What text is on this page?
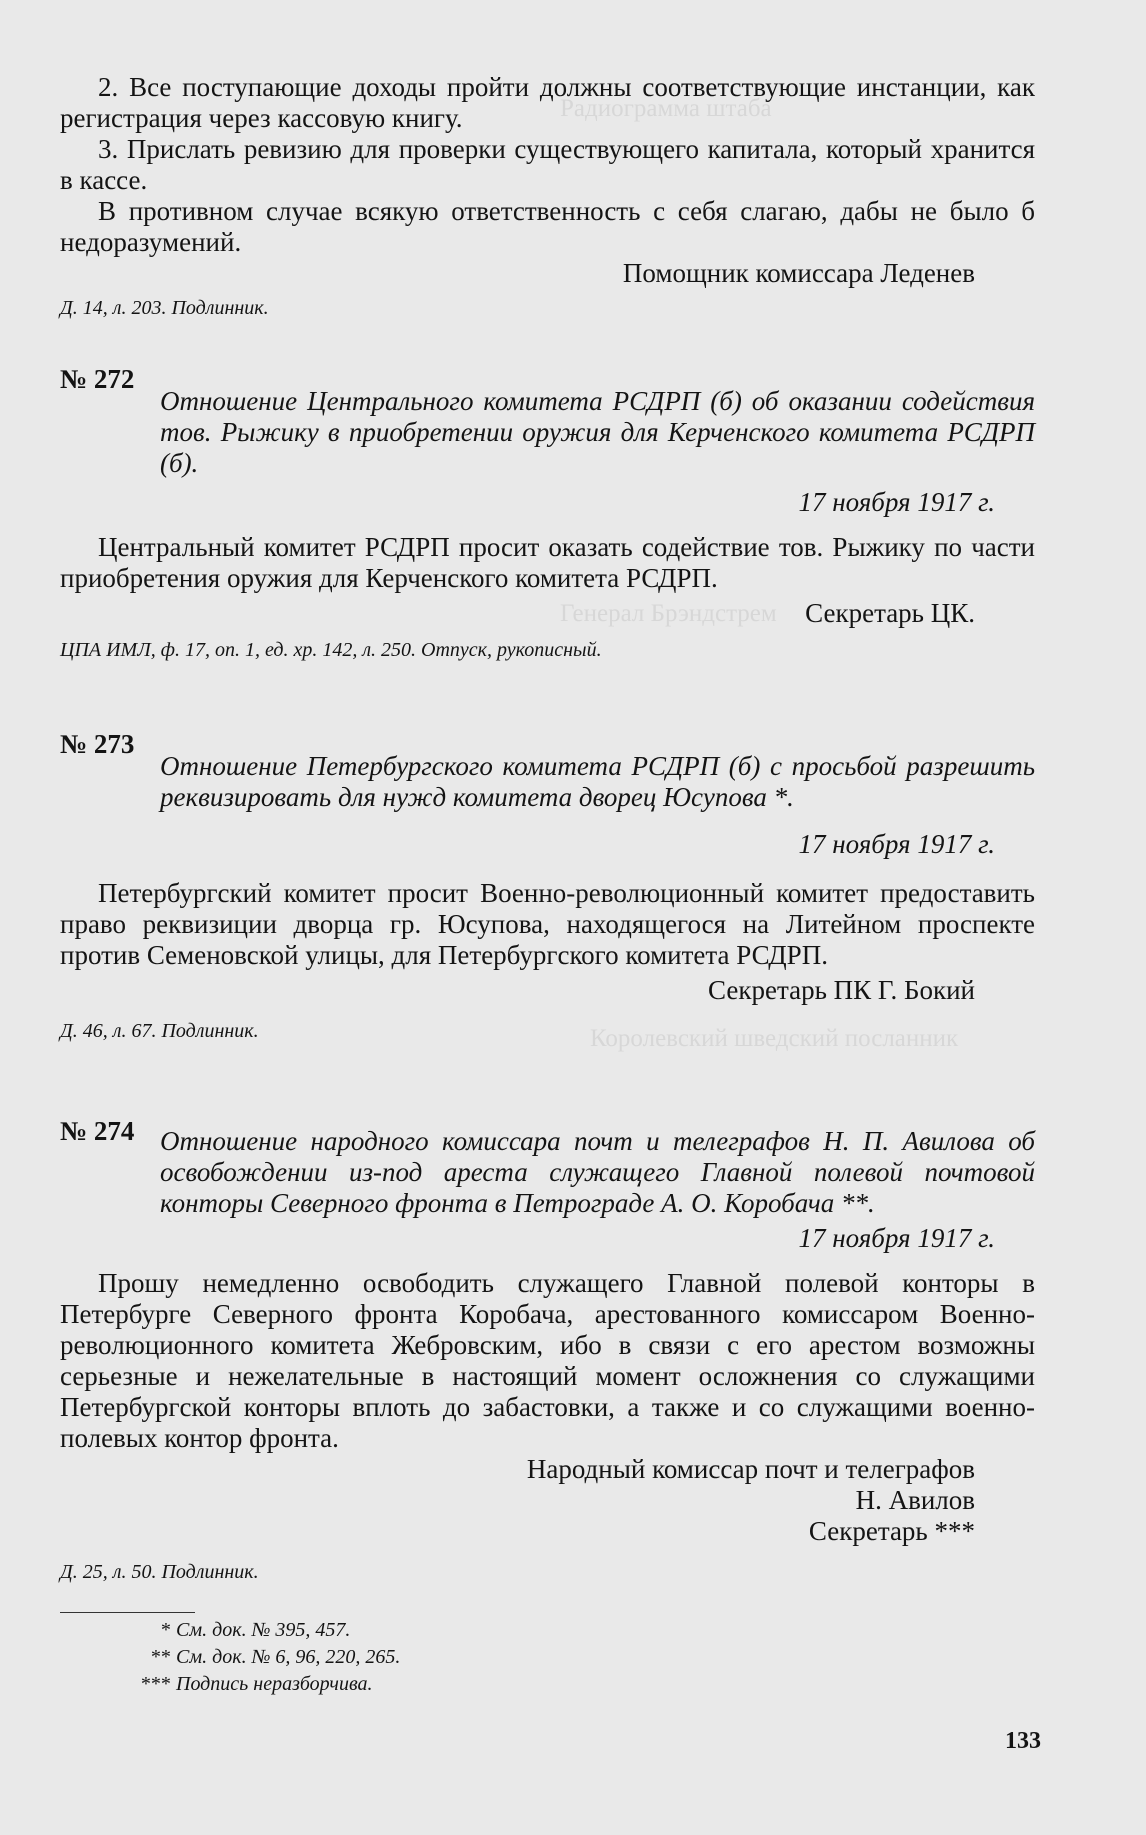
Радиограмма штаба
Генерал Брэндстрем
Королевский шведский посланник

2. Все поступающие доходы пройти должны соответствующие инстанции, как регистрация через кассовую книгу.

3. Прислать ревизию для проверки существующего капитала, который хранится в кассе.

В противном случае всякую ответственность с себя слагаю, дабы не было б недоразумений.

Помощник комиссара Леденев

Д. 14, л. 203. Подлинник.

№ 272

Отношение Центрального комитета РСДРП (б) об оказании содействия тов. Рыжику в приобретении оружия для Керченского комитета РСДРП (б).

17 ноября 1917 г.

Центральный комитет РСДРП просит оказать содействие тов. Рыжику по части приобретения оружия для Керченского комитета РСДРП.

Секретарь ЦК.

ЦПА ИМЛ, ф. 17, оп. 1, ед. хр. 142, л. 250. Отпуск, рукописный.

№ 273

Отношение Петербургского комитета РСДРП (б) с просьбой разрешить реквизировать для нужд комитета дворец Юсупова *.

17 ноября 1917 г.

Петербургский комитет просит Военно-революционный комитет предоставить право реквизиции дворца гр. Юсупова, находящегося на Литейном проспекте против Семеновской улицы, для Петербургского комитета РСДРП.

Секретарь ПК Г. Бокий

Д. 46, л. 67. Подлинник.

№ 274 Отношение народного комиссара почт и телеграфов Н. П. Авилова об освобождении из-под ареста служащего Главной полевой почтовой конторы Северного фронта в Петрограде А. О. Коробача **.

17 ноября 1917 г.

Прошу немедленно освободить служащего Главной полевой конторы в Петербурге Северного фронта Коробача, арестованного комиссаром Военно-революционного комитета Жебровским, ибо в связи с его арестом возможны серьезные и нежелательные в настоящий момент осложнения со служащими Петербургской конторы вплоть до забастовки, а также и со служащими военно-полевых контор фронта.

Народный комиссар почт и телеграфов

Н. Авилов

Секретарь ***

Д. 25, л. 50. Подлинник.

* См. док. № 395, 457.
** См. док. № 6, 96, 220, 265.
*** Подпись неразборчива.
133
